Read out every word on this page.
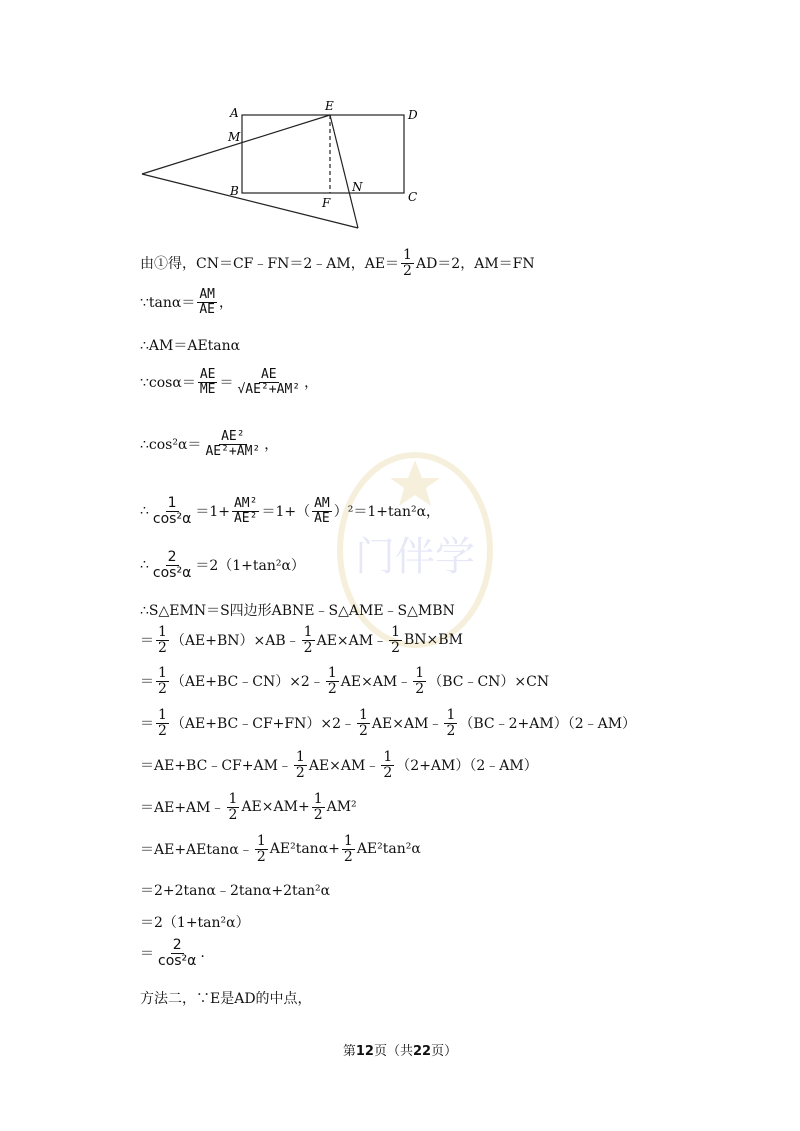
A	E
D
M
B
F
N
C
门伴学
由①得，CN＝CF﹣FN＝2﹣AM，$AE= \frac{1}{2} AD=2$，AM＝FN
∵tanα＝ $\frac{AM}{AE}$ ，
∴AM＝AEtanα
∵cosα＝ $\frac{AE}{ME} = \frac{AE}{\text{√AE²+AM²}}$ ，
∴cos²α＝ $\frac{\text{AE²}}{\text{AE²+AM²}}$ ，
∴ $\frac{1}{\text{cos²α}} =1+ \frac{\text{AM²}}{\text{AE²}} =1+( \frac{AM}{AE} )^2=1+\tan^2\alpha$，
∴ $\frac{2}{\text{cos²α}} =2(1+\tan^2\alpha)$
∴S△EMN＝S四边形ABNE﹣S△AME﹣S△MBN
＝ $\frac{1}{2}$ （AE+BN）×AB﹣ $\frac{1}{2}$ AE×AM﹣ $\frac{1}{2} BN\times BM$
＝ $\frac{1}{2}$ （AE+BC﹣CN）×2﹣ $\frac{1}{2}$ AE×AM﹣ $\frac{1}{2}$ （BC﹣CN）×CN
＝ $\frac{1}{2}$ （AE+BC﹣CF+FN）×2﹣ $\frac{1}{2}$ AE×AM﹣ $\frac{1}{2}$ （BC﹣2+AM）（2﹣AM）
＝AE+BC﹣CF+AM﹣ $\frac{1}{2}$ AE×AM﹣ $\frac{1}{2}$ （2+AM）（2﹣AM）
＝AE+AM﹣ $\frac{1}{2} AE\times AM+ \frac{1}{2} AM^2$
＝AE+AEtanα﹣ $\frac{1}{2} AE^2\tan\alpha+ \frac{1}{2} AE^2\tan^2\alpha$
＝2+2tanα﹣2tanα+2tan²α
＝2（1+tan²α）
＝ $\frac{2}{\text{cos²α}}$ .
方法二，∵E是AD的中点，
第12页（共22页）
